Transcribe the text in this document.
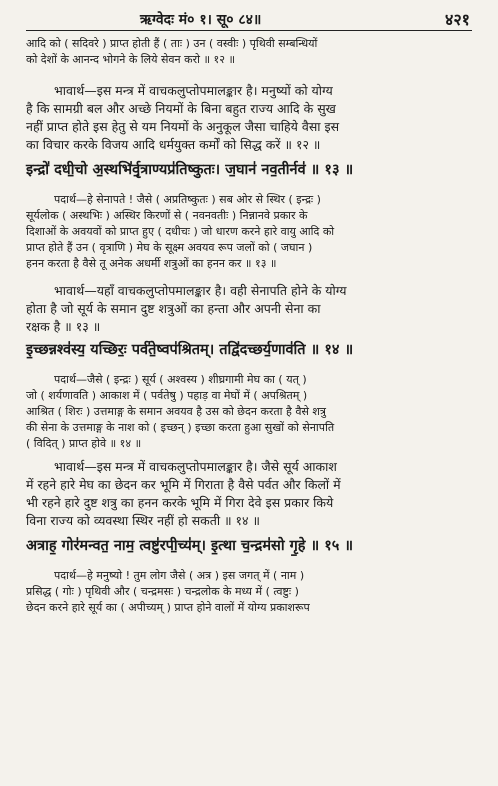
ऋग्वेदः मं० १। सू० ८४॥	४२१

आदि को ( सदिवरे ) प्राप्त होती हैं ( ताः ) उन ( वस्वीः ) पृथिवी सम्बन्धियों

को देशों के आनन्द भोगने के लिये सेवन करो ॥ १२ ॥

भावार्थ—इस मन्त्र में वाचकलुप्तोपमालङ्कार है। मनुष्यों को योग्य

है कि सामग्री बल और अच्छे नियमों के बिना बहुत राज्य आदि के सुख

नहीं प्राप्त होते इस हेतु से यम नियमों के अनुकूल जैसा चाहिये वैसा इस

का विचार करके विजय आदि धर्मयुक्त कर्मों को सिद्ध करें ॥ १२ ॥

इन्द्रो॑ दधी॒चो अ॒स्थभि॑र्वृ॒त्राण्यप्र॑तिष्कुतः। ज॒घान॑ नव॒तीर्नव॑ ॥ १३ ॥

पदार्थ—हे सेनापते ! जैसे ( अप्रतिष्कुतः ) सब ओर से स्थिर ( इन्द्रः )

सूर्यलोक ( अस्थभिः ) अस्थिर किरणों से ( नवनवतीः ) निन्नानवे प्रकार के

दिशाओं के अवयवों को प्राप्त हुए ( दधीचः ) जो धारण करने हारे वायु आदि को

प्राप्त होते हैं उन ( वृत्राणि ) मेघ के सूक्ष्म अवयव रूप जलों को ( जघान )

हनन करता है वैसे तू अनेक अधर्मी शत्रुओं का हनन कर ॥ १३ ॥

भावार्थ—यहाँ वाचकलुप्तोपमालङ्कार है। वही सेनापति होने के योग्य

होता है जो सूर्य के समान दुष्ट शत्रुओं का हन्ता और अपनी सेना का

रक्षक है ॥ १३ ॥

इ॒च्छन्नश्व॑स्य॒ यच्छिरः॒ पर्व॑ते॒ष्वप॑श्रितम्। तद्वि॑दच्छर्य॒णाव॑ति ॥ १४ ॥

पदार्थ—जैसे ( इन्द्रः ) सूर्य ( अश्वस्य ) शीघ्रगामी मेघ का ( यत् )

जो ( शर्यणावति ) आकाश में ( पर्वतेषु ) पहाड़ वा मेघों में ( अपश्रितम् )

आश्रित ( शिरः ) उत्तमाङ्ग के समान अवयव है उस को छेदन करता है वैसे शत्रु

की सेना के उत्तमाङ्ग के नाश को ( इच्छन् ) इच्छा करता हुआ सुखों को सेनापति

( विदित् ) प्राप्त होवे ॥ १४ ॥

भावार्थ—इस मन्त्र में वाचकलुप्तोपमालङ्कार है। जैसे सूर्य आकाश

में रहने हारे मेघ का छेदन कर भूमि में गिराता है वैसे पर्वत और किलों में

भी रहने हारे दुष्ट शत्रु का हनन करके भूमि में गिरा देवे इस प्रकार किये

विना राज्य को व्यवस्था स्थिर नहीं हो सकती ॥ १४ ॥

अत्राह॒ गोर॑मन्वत॒ नाम॒ त्वष्टु॑रपी॒च्य॑म्। इ॒त्था च॒न्द्रम॑सो गृ॒हे ॥ १५ ॥

पदार्थ—हे मनुष्यो ! तुम लोग जैसे ( अत्र ) इस जगत् में ( नाम )

प्रसिद्ध ( गोः ) पृथिवी और ( चन्द्रमसः ) चन्द्रलोक के मध्य में ( त्वष्टुः )

छेदन करने हारे सूर्य का ( अपीच्यम् ) प्राप्त होने वालों में योग्य प्रकाशरूप
